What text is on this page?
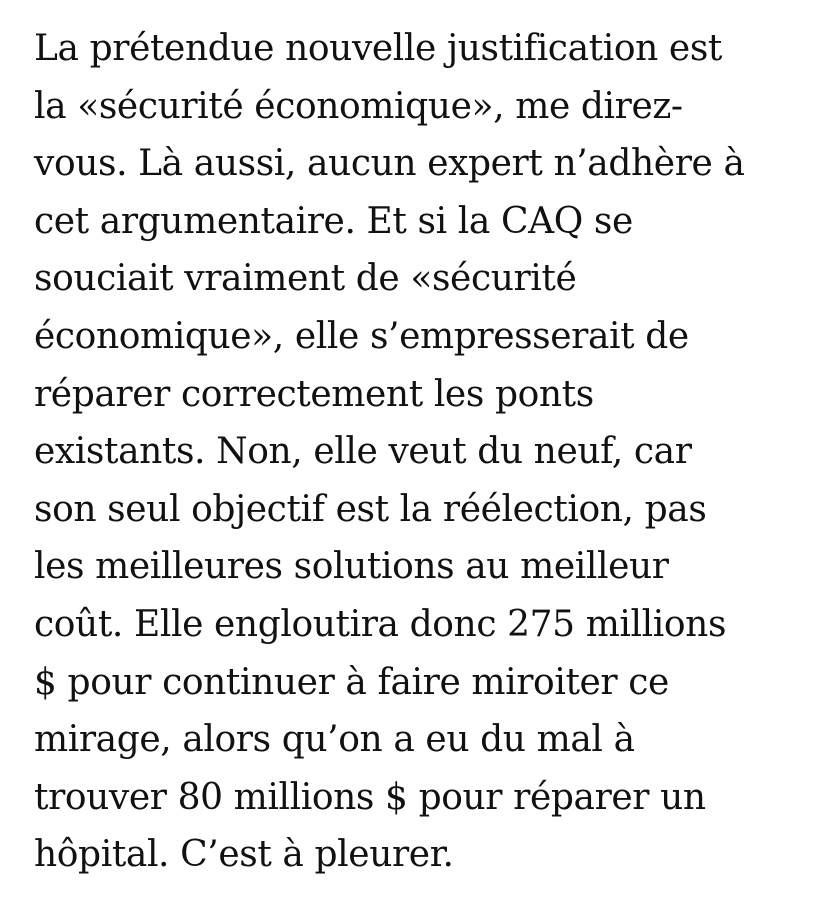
La prétendue nouvelle justification est
la «sécurité économique», me direz-
vous. Là aussi, aucun expert n’adhère à
cet argumentaire. Et si la CAQ se
souciait vraiment de «sécurité
économique», elle s’empresserait de
réparer correctement les ponts
existants. Non, elle veut du neuf, car
son seul objectif est la réélection, pas
les meilleures solutions au meilleur
coût. Elle engloutira donc 275 millions
$ pour continuer à faire miroiter ce
mirage, alors qu’on a eu du mal à
trouver 80 millions $ pour réparer un
hôpital. C’est à pleurer.
